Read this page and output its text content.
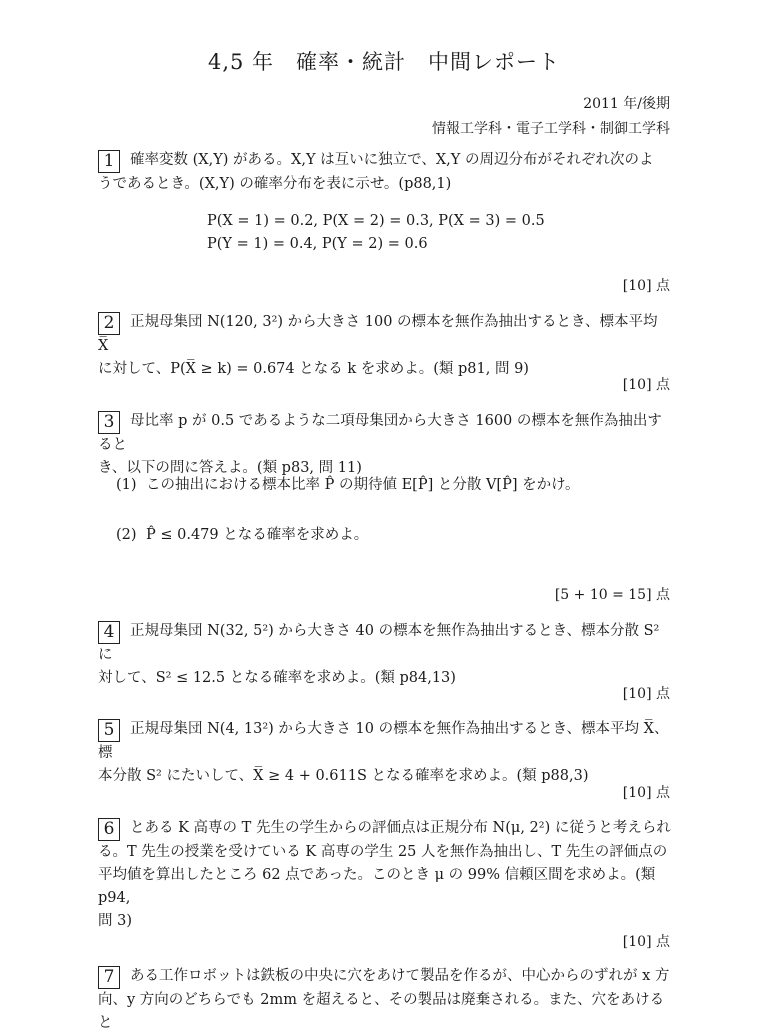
4,5 年　確率・統計　中間レポート
2011 年/後期
情報工学科・電子工学科・制御工学科
1 確率変数 (X,Y) がある。X,Y は互いに独立で、X,Y の周辺分布がそれぞれ次のよ
うであるとき。(X,Y) の確率分布を表に示せ。(p88,1)
P(X = 1) = 0.2, P(X = 2) = 0.3, P(X = 3) = 0.5
P(Y = 1) = 0.4, P(Y = 2) = 0.6
[10] 点
2 正規母集団 N(120, 3²) から大きさ 100 の標本を無作為抽出するとき、標本平均 X̅
に対して、P(X̅ ≥ k) = 0.674 となる k を求めよ。(類 p81, 問 9)
[10] 点
3 母比率 p が 0.5 であるような二項母集団から大きさ 1600 の標本を無作為抽出すると
き、以下の問に答えよ。(類 p83, 問 11)
(1) この抽出における標本比率 P̂ の期待値 E[P̂] と分散 V[P̂] をかけ。
(2) P̂ ≤ 0.479 となる確率を求めよ。
[5 + 10 = 15] 点
4 正規母集団 N(32, 5²) から大きさ 40 の標本を無作為抽出するとき、標本分散 S² に
対して、S² ≤ 12.5 となる確率を求めよ。(類 p84,13)
[10] 点
5 正規母集団 N(4, 13²) から大きさ 10 の標本を無作為抽出するとき、標本平均 X̅、標
本分散 S² にたいして、X̅ ≥ 4 + 0.611S となる確率を求めよ。(類 p88,3)
[10] 点
6 とある K 高専の T 先生の学生からの評価点は正規分布 N(μ, 2²) に従うと考えられ
る。T 先生の授業を受けている K 高専の学生 25 人を無作為抽出し、T 先生の評価点の
平均値を算出したところ 62 点であった。このとき μ の 99% 信頼区間を求めよ。(類 p94,
問 3)
[10] 点
7 ある工作ロボットは鉄板の中央に穴をあけて製品を作るが、中心からのずれが x 方
向、y 方向のどちらでも 2mm を超えると、その製品は廃棄される。また、穴をあけると
